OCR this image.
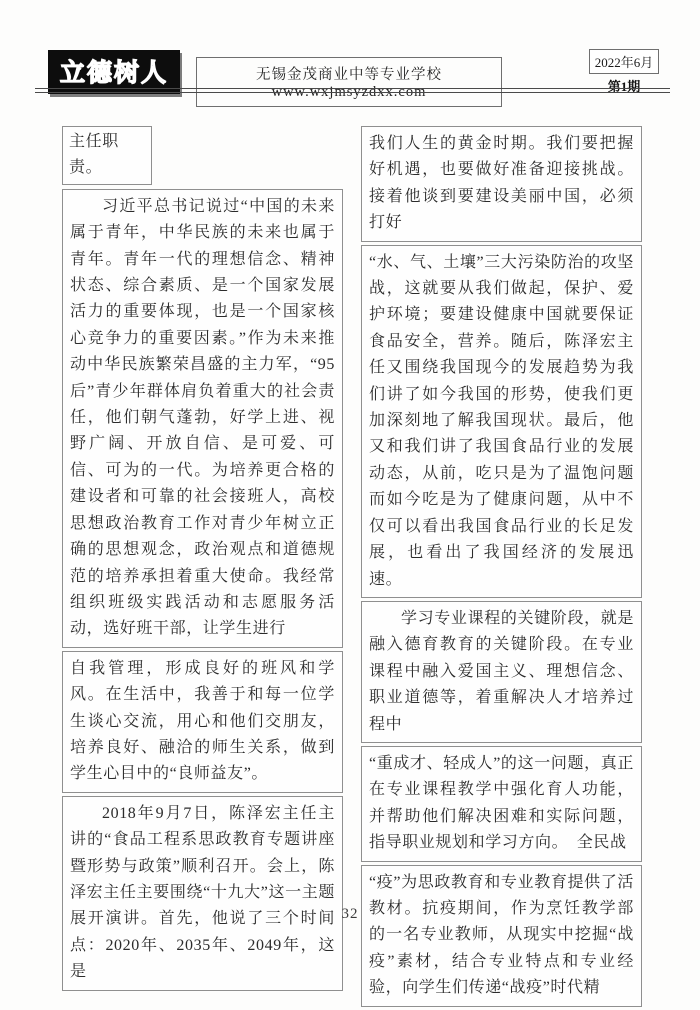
立德树人	无锡金茂商业中等专业学校 www.wxjmsyzdxx.com
2022年6月
第1期
主任职责。
习近平总书记说过“中国的未来属于青年，中华民族的未来也属于青年。青年一代的理想信念、精神状态、综合素质、是一个国家发展活力的重要体现，也是一个国家核心竞争力的重要因素。”作为未来推动中华民族繁荣昌盛的主力军，“95后”青少年群体肩负着重大的社会责任，他们朝气蓬勃，好学上进、视野广阔、开放自信、是可爱、可信、可为的一代。为培养更合格的建设者和可靠的社会接班人，高校思想政治教育工作对青少年树立正确的思想观念，政治观点和道德规范的培养承担着重大使命。我经常组织班级实践活动和志愿服务活动，选好班干部，让学生进行
自我管理，形成良好的班风和学风。在生活中，我善于和每一位学生谈心交流，用心和他们交朋友，培养良好、融洽的师生关系，做到学生心目中的“良师益友”。
2018年9月7日，陈泽宏主任主讲的“食品工程系思政教育专题讲座暨形势与政策”顺利召开。会上，陈泽宏主任主要围绕“十九大”这一主题展开演讲。首先，他说了三个时间点：2020年、2035年、2049年，这是
我们人生的黄金时期。我们要把握好机遇，也要做好准备迎接挑战。接着他谈到要建设美丽中国，必须打好
“水、气、土壤”三大污染防治的攻坚战，这就要从我们做起，保护、爱护环境；要建设健康中国就要保证食品安全，营养。随后，陈泽宏主任又围绕我国现今的发展趋势为我们讲了如今我国的形势，使我们更加深刻地了解我国现状。最后，他又和我们讲了我国食品行业的发展动态，从前，吃只是为了温饱问题而如今吃是为了健康问题，从中不仅可以看出我国食品行业的长足发展，也看出了我国经济的发展迅速。
学习专业课程的关键阶段，就是融入德育教育的关键阶段。在专业课程中融入爱国主义、理想信念、职业道德等，着重解决人才培养过程中
“重成才、轻成人”的这一问题，真正在专业课程教学中强化育人功能，并帮助他们解决困难和实际问题，指导职业规划和学习方向。　全民战
“疫”为思政教育和专业教育提供了活教材。抗疫期间，作为烹饪教学部的一名专业教师，从现实中挖掘“战疫”素材，结合专业特点和专业经验，向学生们传递“战疫”时代精
32
